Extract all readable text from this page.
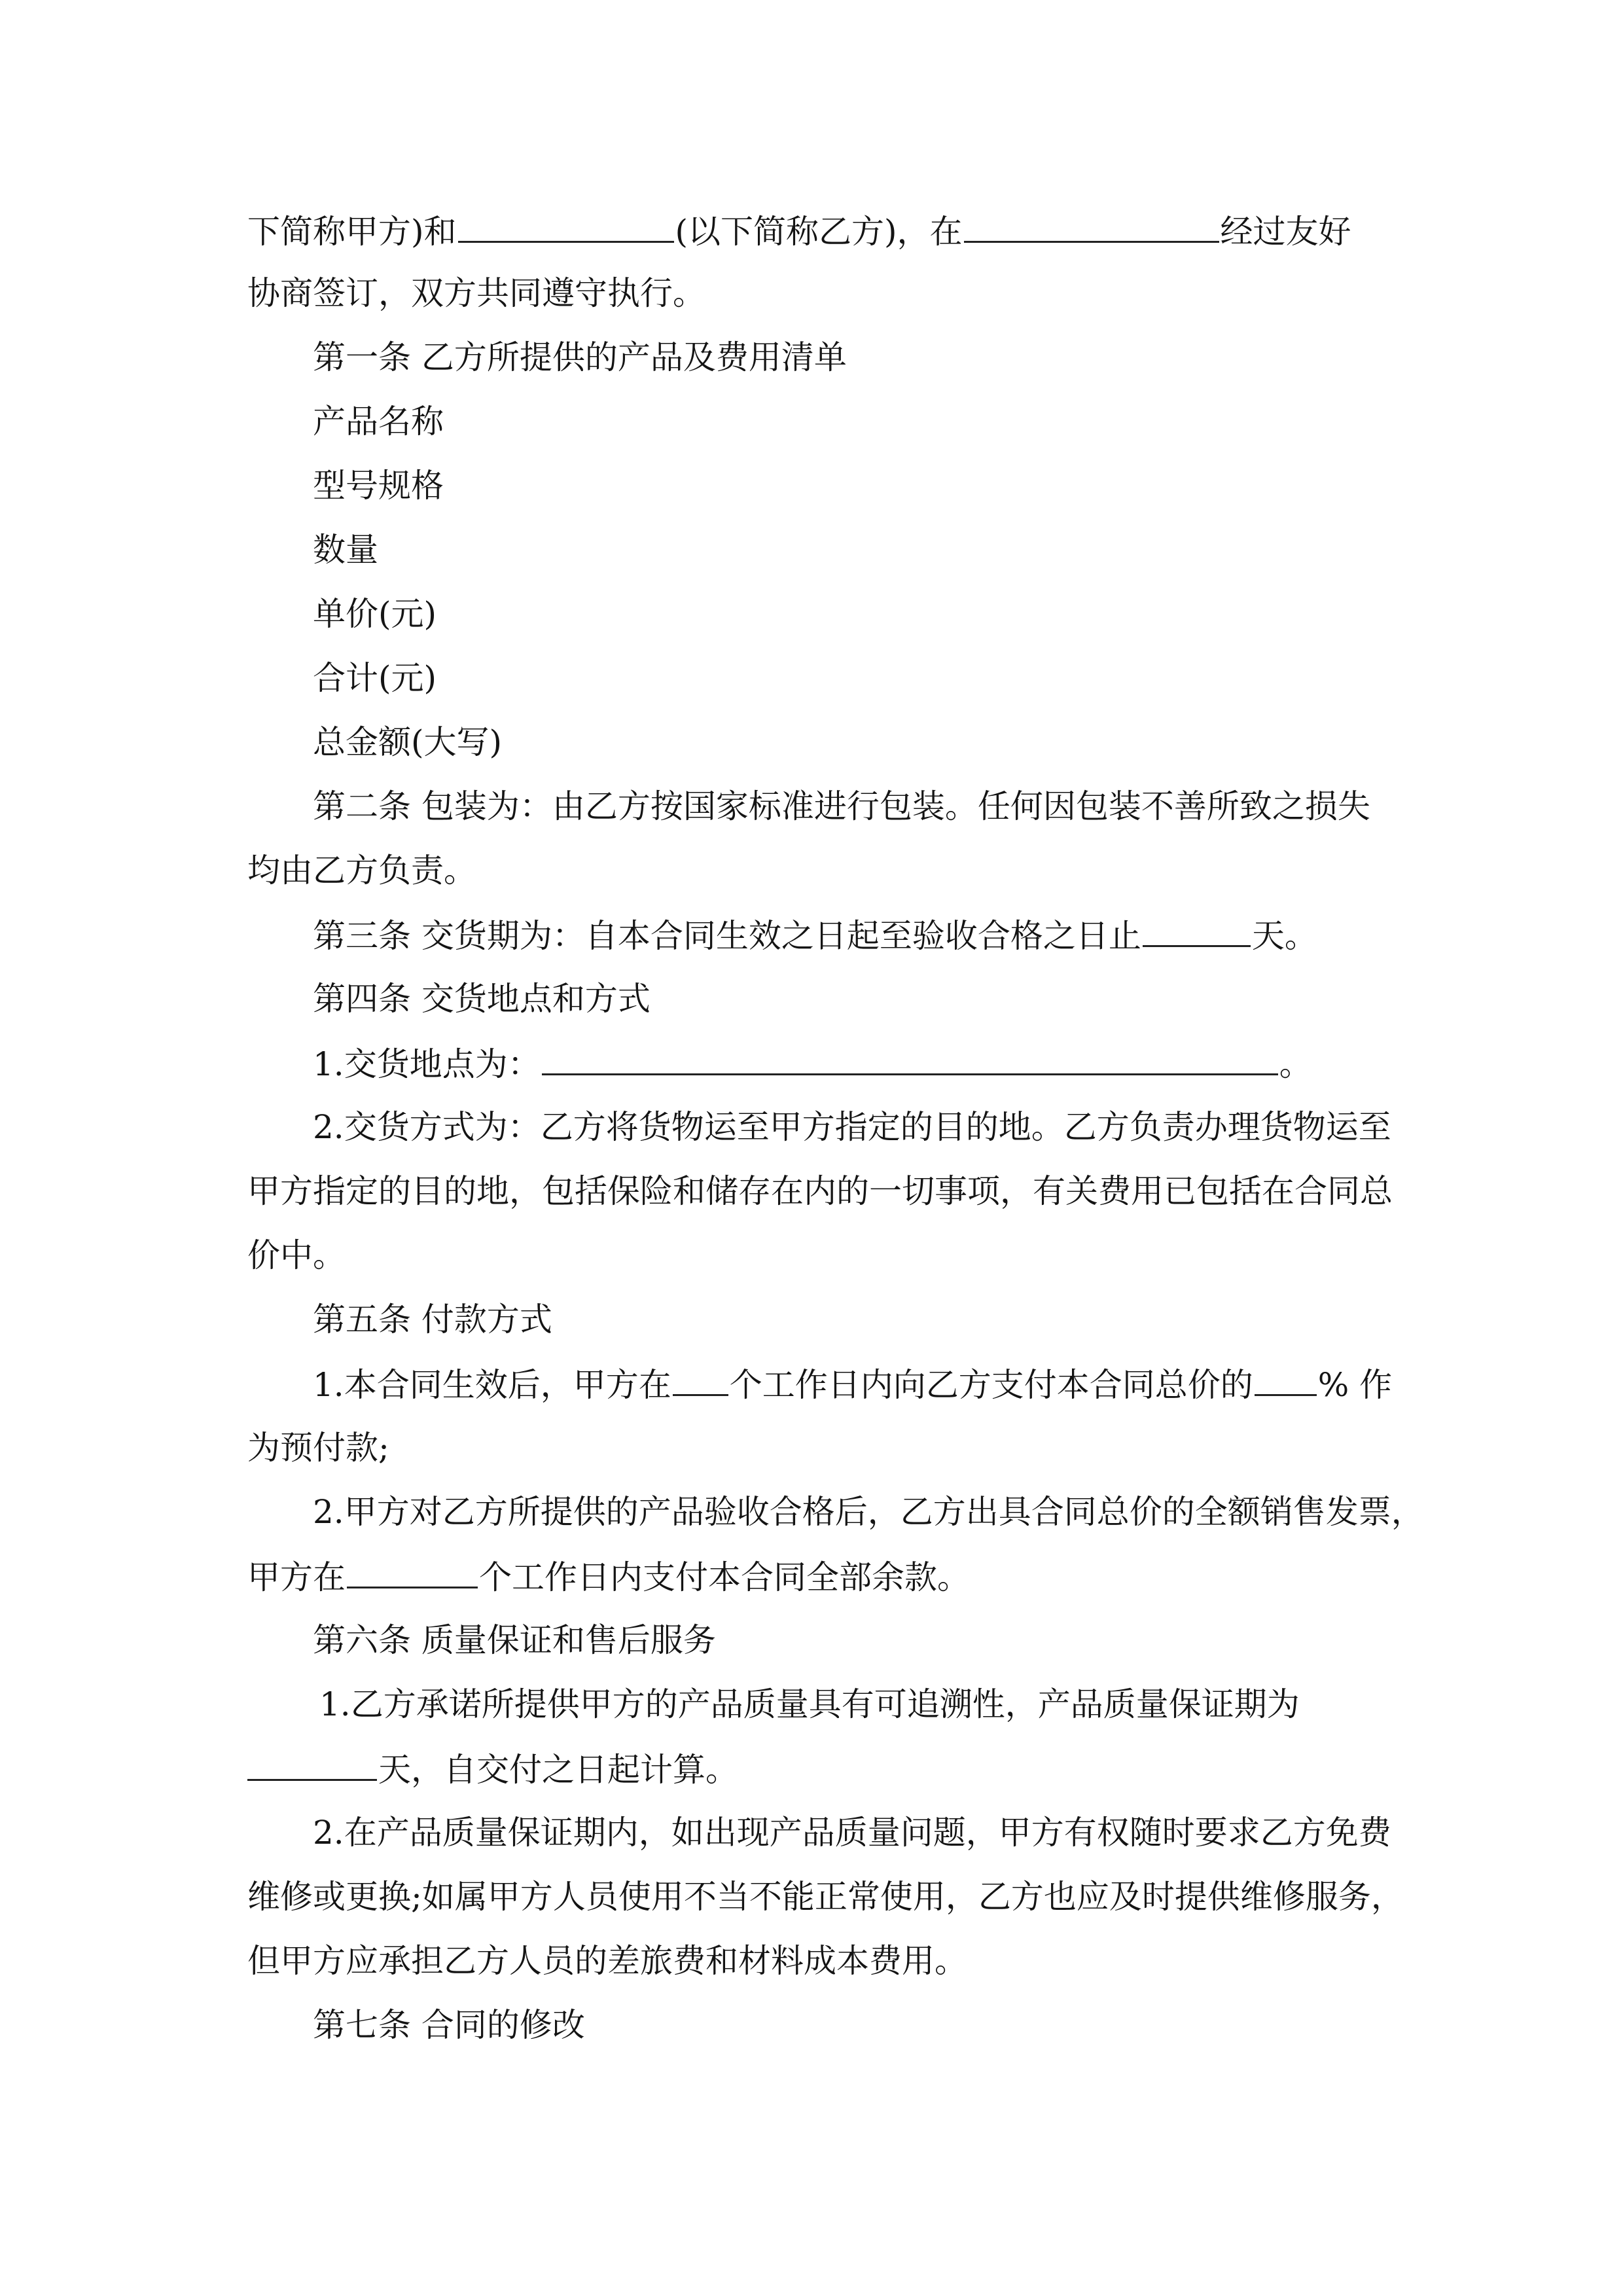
下简称甲方)和	(以下简称乙方)，在	经过友好
协商签订，双方共同遵守执行。
第一条 乙方所提供的产品及费用清单
产品名称
型号规格
数量
单价(元)
合计(元)
总金额(大写)
第二条 包装为：由乙方按国家标准进行包装。任何因包装不善所致之损失
均由乙方负责。
第三条 交货期为：自本合同生效之日起至验收合格之日止	天。
第四条 交货地点和方式
1.交货地点为：	。
2.交货方式为：乙方将货物运至甲方指定的目的地。乙方负责办理货物运至
甲方指定的目的地，包括保险和储存在内的一切事项，有关费用已包括在合同总
价中。
第五条 付款方式
1.本合同生效后，甲方在 个工作日内向乙方支付本合同总价的 % 作
为预付款;
2.甲方对乙方所提供的产品验收合格后，乙方出具合同总价的全额销售发票，
甲方在	个工作日内支付本合同全部余款。
第六条 质量保证和售后服务
1.乙方承诺所提供甲方的产品质量具有可追溯性，产品质量保证期为
天，自交付之日起计算。
2.在产品质量保证期内，如出现产品质量问题，甲方有权随时要求乙方免费
维修或更换;如属甲方人员使用不当不能正常使用，乙方也应及时提供维修服务，
但甲方应承担乙方人员的差旅费和材料成本费用。
第七条 合同的修改
